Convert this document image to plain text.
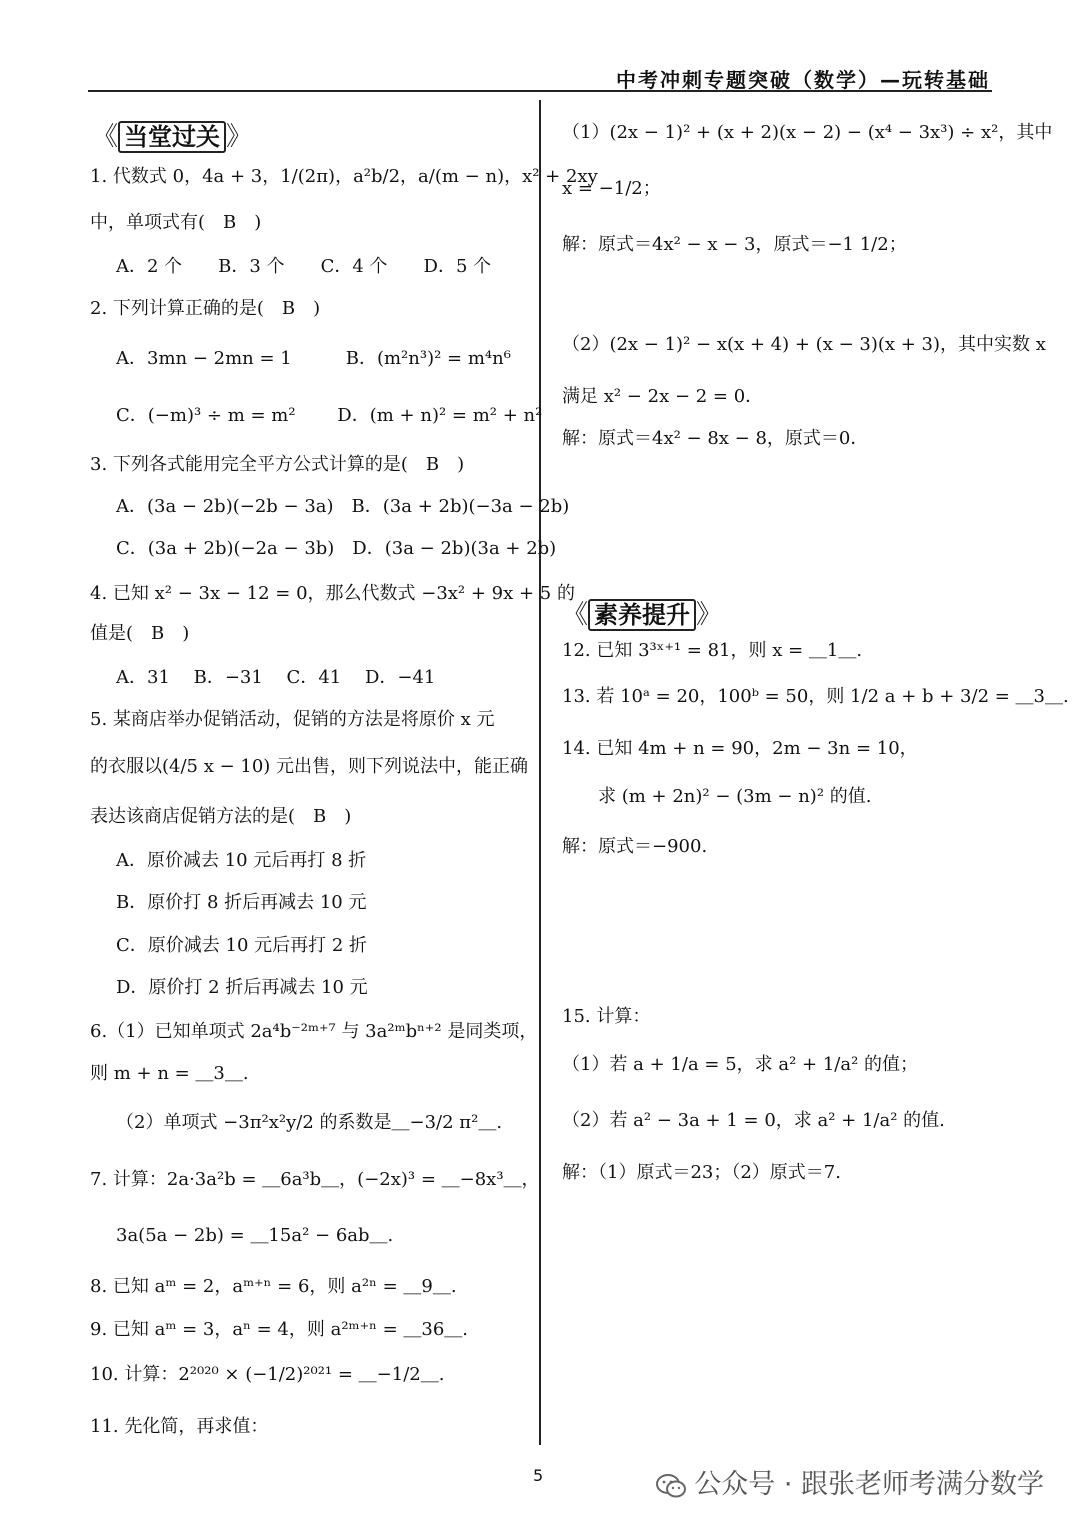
中考冲刺专题突破（数学）—玩转基础
《 当堂过关 》
1. 代数式 0，4a + 3，1/(2π)，a²b/2，a/(m − n)，x² + 2xy
中，单项式有(　B　)
A．2 个　　B．3 个　　C．4 个　　D．5 个
2. 下列计算正确的是(　B　)
A．3mn − 2mn = 1　　　B．(m²n³)² = m⁴n⁶
C．(−m)³ ÷ m = m²　　 D．(m + n)² = m² + n²
3. 下列各式能用完全平方公式计算的是(　B　)
A．(3a − 2b)(−2b − 3a)　B．(3a + 2b)(−3a − 2b)
C．(3a + 2b)(−2a − 3b)　D．(3a − 2b)(3a + 2b)
4. 已知 x² − 3x − 12 = 0，那么代数式 −3x² + 9x + 5 的
值是(　B　)
A．31　 B．−31　 C．41　 D．−41
5. 某商店举办促销活动，促销的方法是将原价 x 元
的衣服以(4/5 x − 10) 元出售，则下列说法中，能正确
表达该商店促销方法的是(　B　)
A．原价减去 10 元后再打 8 折
B．原价打 8 折后再减去 10 元
C．原价减去 10 元后再打 2 折
D．原价打 2 折后再减去 10 元
6.（1）已知单项式 2a⁴b⁻²ᵐ⁺⁷ 与 3a²ᵐbⁿ⁺² 是同类项，
则 m + n = ＿3＿.
（2）单项式 −3π²x²y/2 的系数是＿−3/2 π²＿.
7. 计算：2a·3a²b = ＿6a³b＿，(−2x)³ = ＿−8x³＿，
3a(5a − 2b) = ＿15a² − 6ab＿.
8. 已知 aᵐ = 2，aᵐ⁺ⁿ = 6，则 a²ⁿ = ＿9＿.
9. 已知 aᵐ = 3，aⁿ = 4，则 a²ᵐ⁺ⁿ = ＿36＿.
10. 计算：2²⁰²⁰ × (−1/2)²⁰²¹ = ＿−1/2＿.
11. 先化简，再求值：
（1）(2x − 1)² + (x + 2)(x − 2) − (x⁴ − 3x³) ÷ x²，其中
x = −1/2；
解：原式＝4x² − x − 3，原式＝−1 1/2；
（2）(2x − 1)² − x(x + 4) + (x − 3)(x + 3)，其中实数 x
满足 x² − 2x − 2 = 0．
解：原式＝4x² − 8x − 8，原式＝0．
《 素养提升 》
12. 已知 3³ˣ⁺¹ = 81，则 x = ＿1＿.
13. 若 10ᵃ = 20，100ᵇ = 50，则 1/2 a + b + 3/2 = ＿3＿.
14. 已知 4m + n = 90，2m − 3n = 10，
求 (m + 2n)² − (3m − n)² 的值.
解：原式＝−900.
15. 计算：
（1）若 a + 1/a = 5，求 a² + 1/a² 的值；
（2）若 a² − 3a + 1 = 0，求 a² + 1/a² 的值.
解：（1）原式＝23；（2）原式＝7.
5	公众号 · 跟张老师考满分数学
